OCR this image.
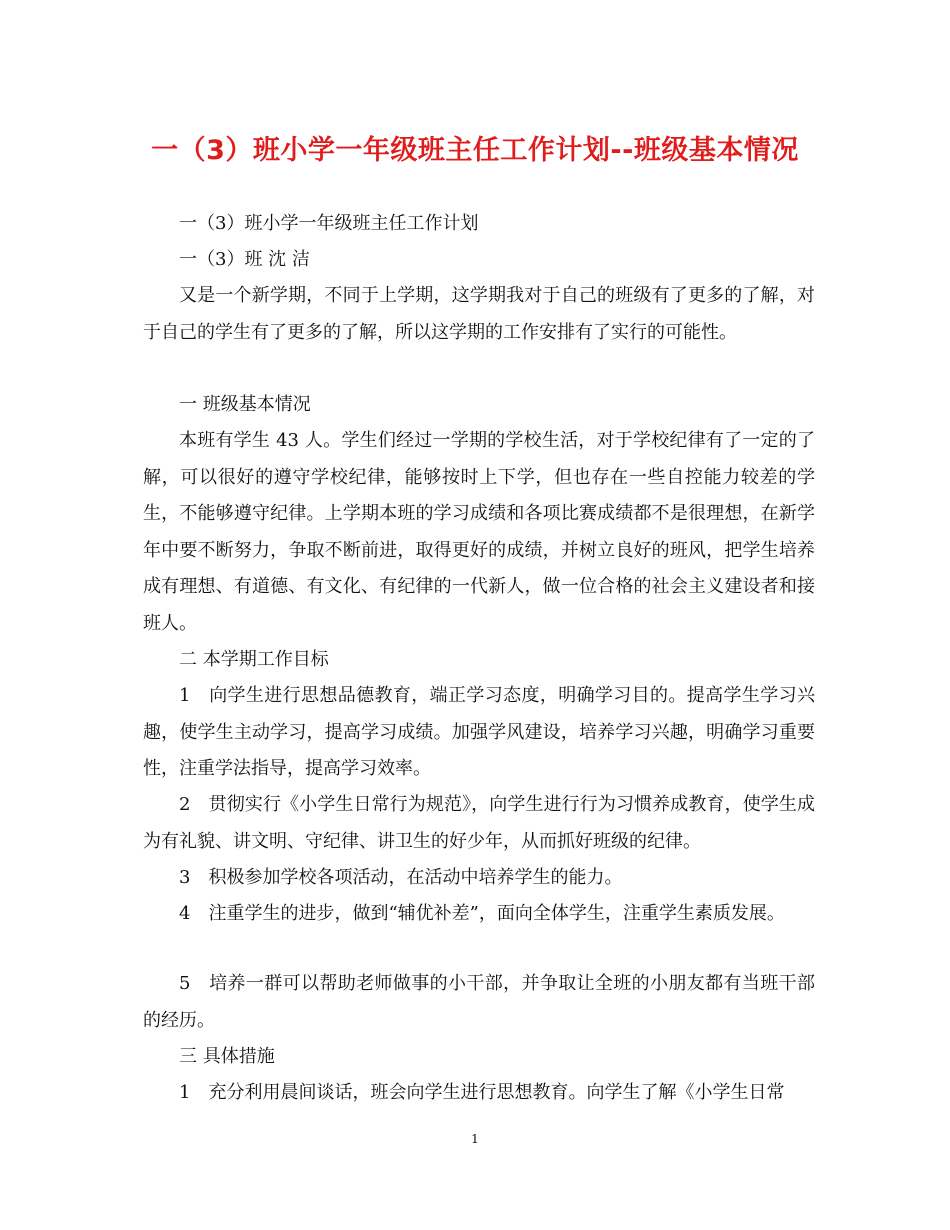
一（3）班小学一年级班主任工作计划--班级基本情况

一（3）班小学一年级班主任工作计划

一（3）班 沈 洁

又是一个新学期，不同于上学期，这学期我对于自己的班级有了更多的了解，对于自己的学生有了更多的了解，所以这学期的工作安排有了实行的可能性。

一 班级基本情况

本班有学生 43 人。学生们经过一学期的学校生活，对于学校纪律有了一定的了解，可以很好的遵守学校纪律，能够按时上下学，但也存在一些自控能力较差的学生，不能够遵守纪律。上学期本班的学习成绩和各项比赛成绩都不是很理想，在新学年中要不断努力，争取不断前进，取得更好的成绩，并树立良好的班风，把学生培养成有理想、有道德、有文化、有纪律的一代新人，做一位合格的社会主义建设者和接班人。

二 本学期工作目标

1　向学生进行思想品德教育，端正学习态度，明确学习目的。提高学生学习兴趣，使学生主动学习，提高学习成绩。加强学风建设，培养学习兴趣，明确学习重要性，注重学法指导，提高学习效率。

2　贯彻实行《小学生日常行为规范》，向学生进行行为习惯养成教育，使学生成为有礼貌、讲文明、守纪律、讲卫生的好少年，从而抓好班级的纪律。

3　积极参加学校各项活动，在活动中培养学生的能力。

4　注重学生的进步，做到“辅优补差”，面向全体学生，注重学生素质发展。

5　培养一群可以帮助老师做事的小干部，并争取让全班的小朋友都有当班干部的经历。

三 具体措施

1　充分利用晨间谈话，班会向学生进行思想教育。向学生了解《小学生日常

1
